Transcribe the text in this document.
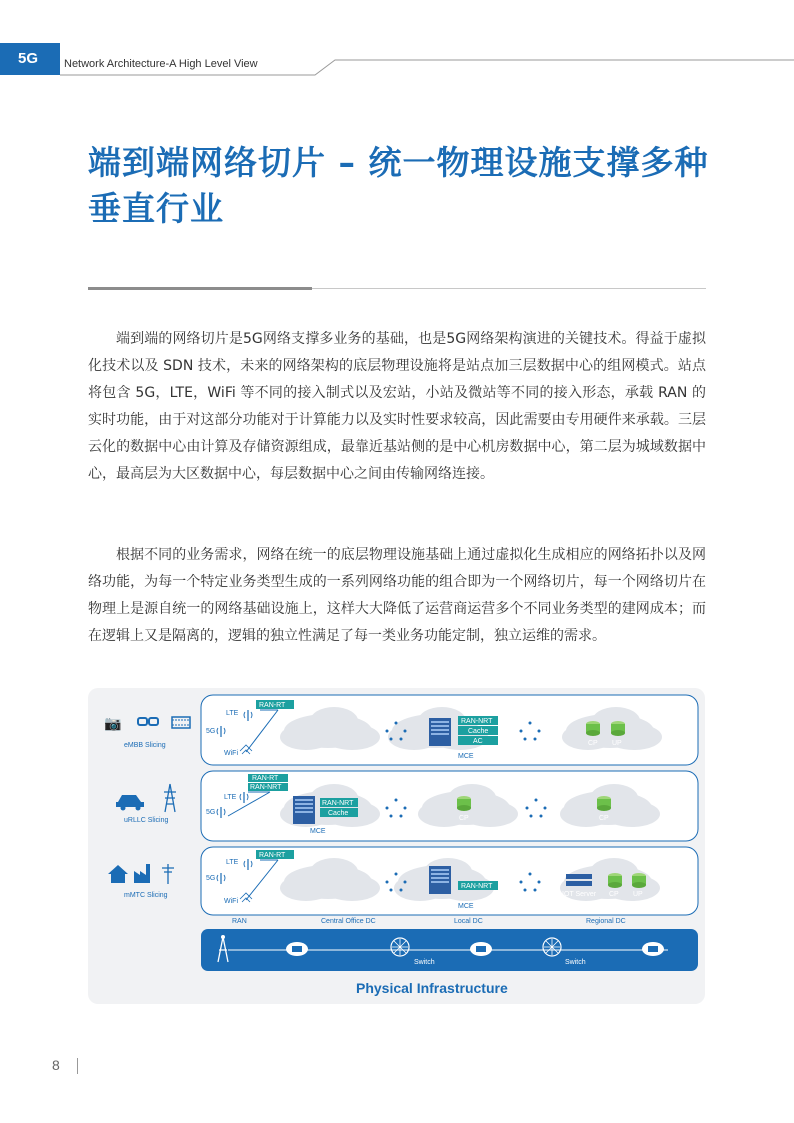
5G Network Architecture-A High Level View
端到端网络切片 – 统一物理设施支撑多种垂直行业

端到端的网络切片是5G网络支撑多业务的基础，也是5G网络架构演进的关键技术。得益于虚拟化技术以及 SDN 技术，未来的网络架构的底层物理设施将是站点加三层数据中心的组网模式。站点将包含 5G，LTE，WiFi 等不同的接入制式以及宏站，小站及微站等不同的接入形态，承载 RAN 的实时功能，由于对这部分功能对于计算能力以及实时性要求较高，因此需要由专用硬件来承载。三层云化的数据中心由计算及存储资源组成，最靠近基站侧的是中心机房数据中心，第二层为城域数据中心，最高层为大区数据中心，每层数据中心之间由传输网络连接。

根据不同的业务需求，网络在统一的底层物理设施基础上通过虚拟化生成相应的网络拓扑以及网络功能，为每一个特定业务类型生成的一系列网络功能的组合即为一个网络切片，每一个网络切片在物理上是源自统一的网络基础设施上，这样大大降低了运营商运营多个不同业务类型的建网成本；而在逻辑上又是隔离的，逻辑的独立性满足了每一类业务功能定制，独立运维的需求。

📷
eMBB Slicing
RAN-RT
LTE
5G
WiFi
RAN-NRT
Cache
AC
MCE
CP UP
uRLLC Slicing
RAN-RT
RAN-NRT
LTE
5G
RAN-NRT
Cache
MCE
CP	CP
mMTC Slicing
RAN-RT
LTE
5G
WiFi
RAN-NRT
MCE
IOT Server CP UP
RAN	Central Office DC	Local DC	Regional DC
Switch	Switch
Physical Infrastructure
8
